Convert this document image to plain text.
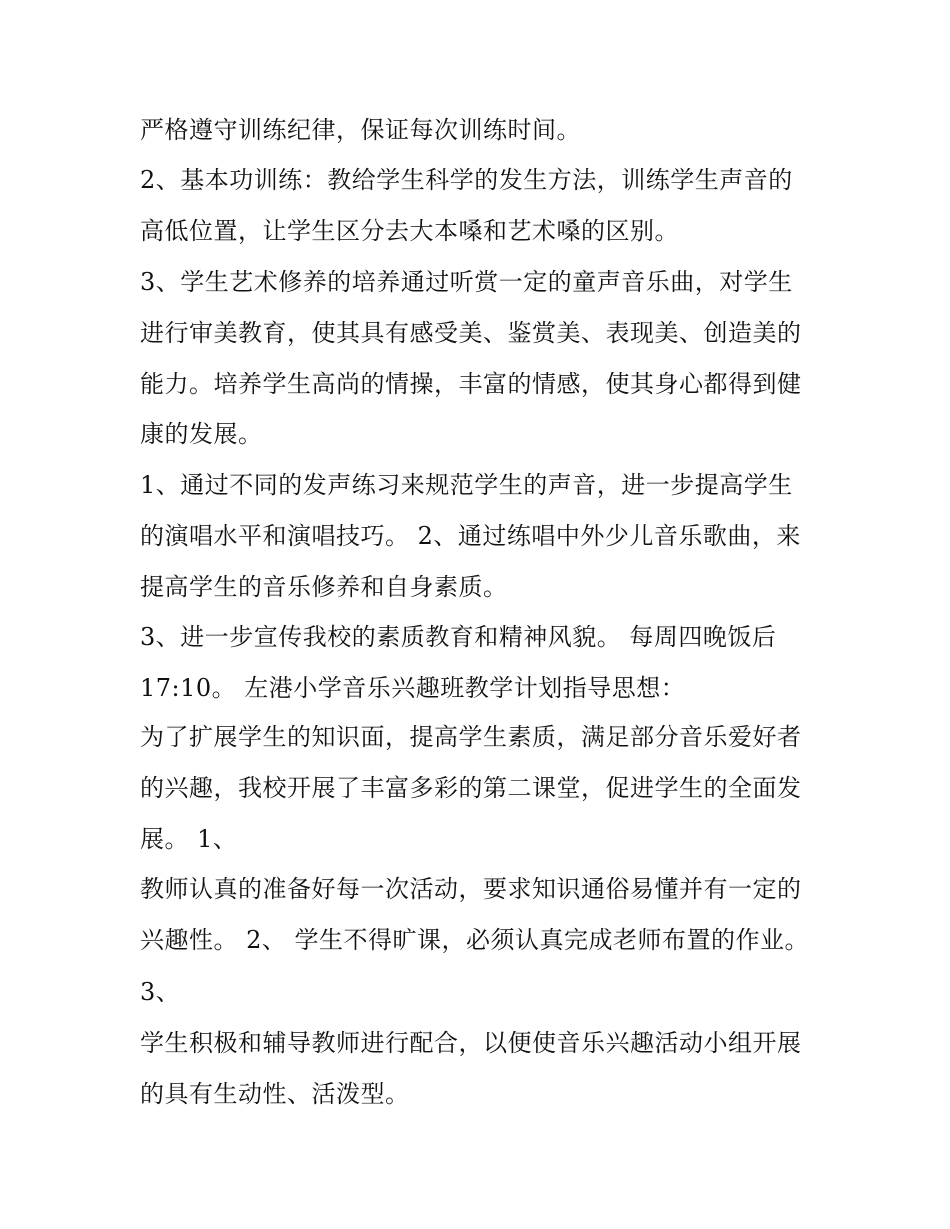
严格遵守训练纪律，保证每次训练时间。
2、基本功训练：教给学生科学的发生方法，训练学生声音的
高低位置，让学生区分去大本嗓和艺术嗓的区别。
3、学生艺术修养的培养通过听赏一定的童声音乐曲，对学生
进行审美教育，使其具有感受美、鉴赏美、表现美、创造美的
能力。培养学生高尚的情操，丰富的情感，使其身心都得到健
康的发展。
1、通过不同的发声练习来规范学生的声音，进一步提高学生
的演唱水平和演唱技巧。 2、通过练唱中外少儿音乐歌曲，来
提高学生的音乐修养和自身素质。
3、进一步宣传我校的素质教育和精神风貌。 每周四晚饭后
17:10。 左港小学音乐兴趣班教学计划指导思想：
为了扩展学生的知识面，提高学生素质，满足部分音乐爱好者
的兴趣，我校开展了丰富多彩的第二课堂，促进学生的全面发
展。 1、
教师认真的准备好每一次活动，要求知识通俗易懂并有一定的
兴趣性。 2、 学生不得旷课，必须认真完成老师布置的作业。
3、
学生积极和辅导教师进行配合，以便使音乐兴趣活动小组开展
的具有生动性、活泼型。
